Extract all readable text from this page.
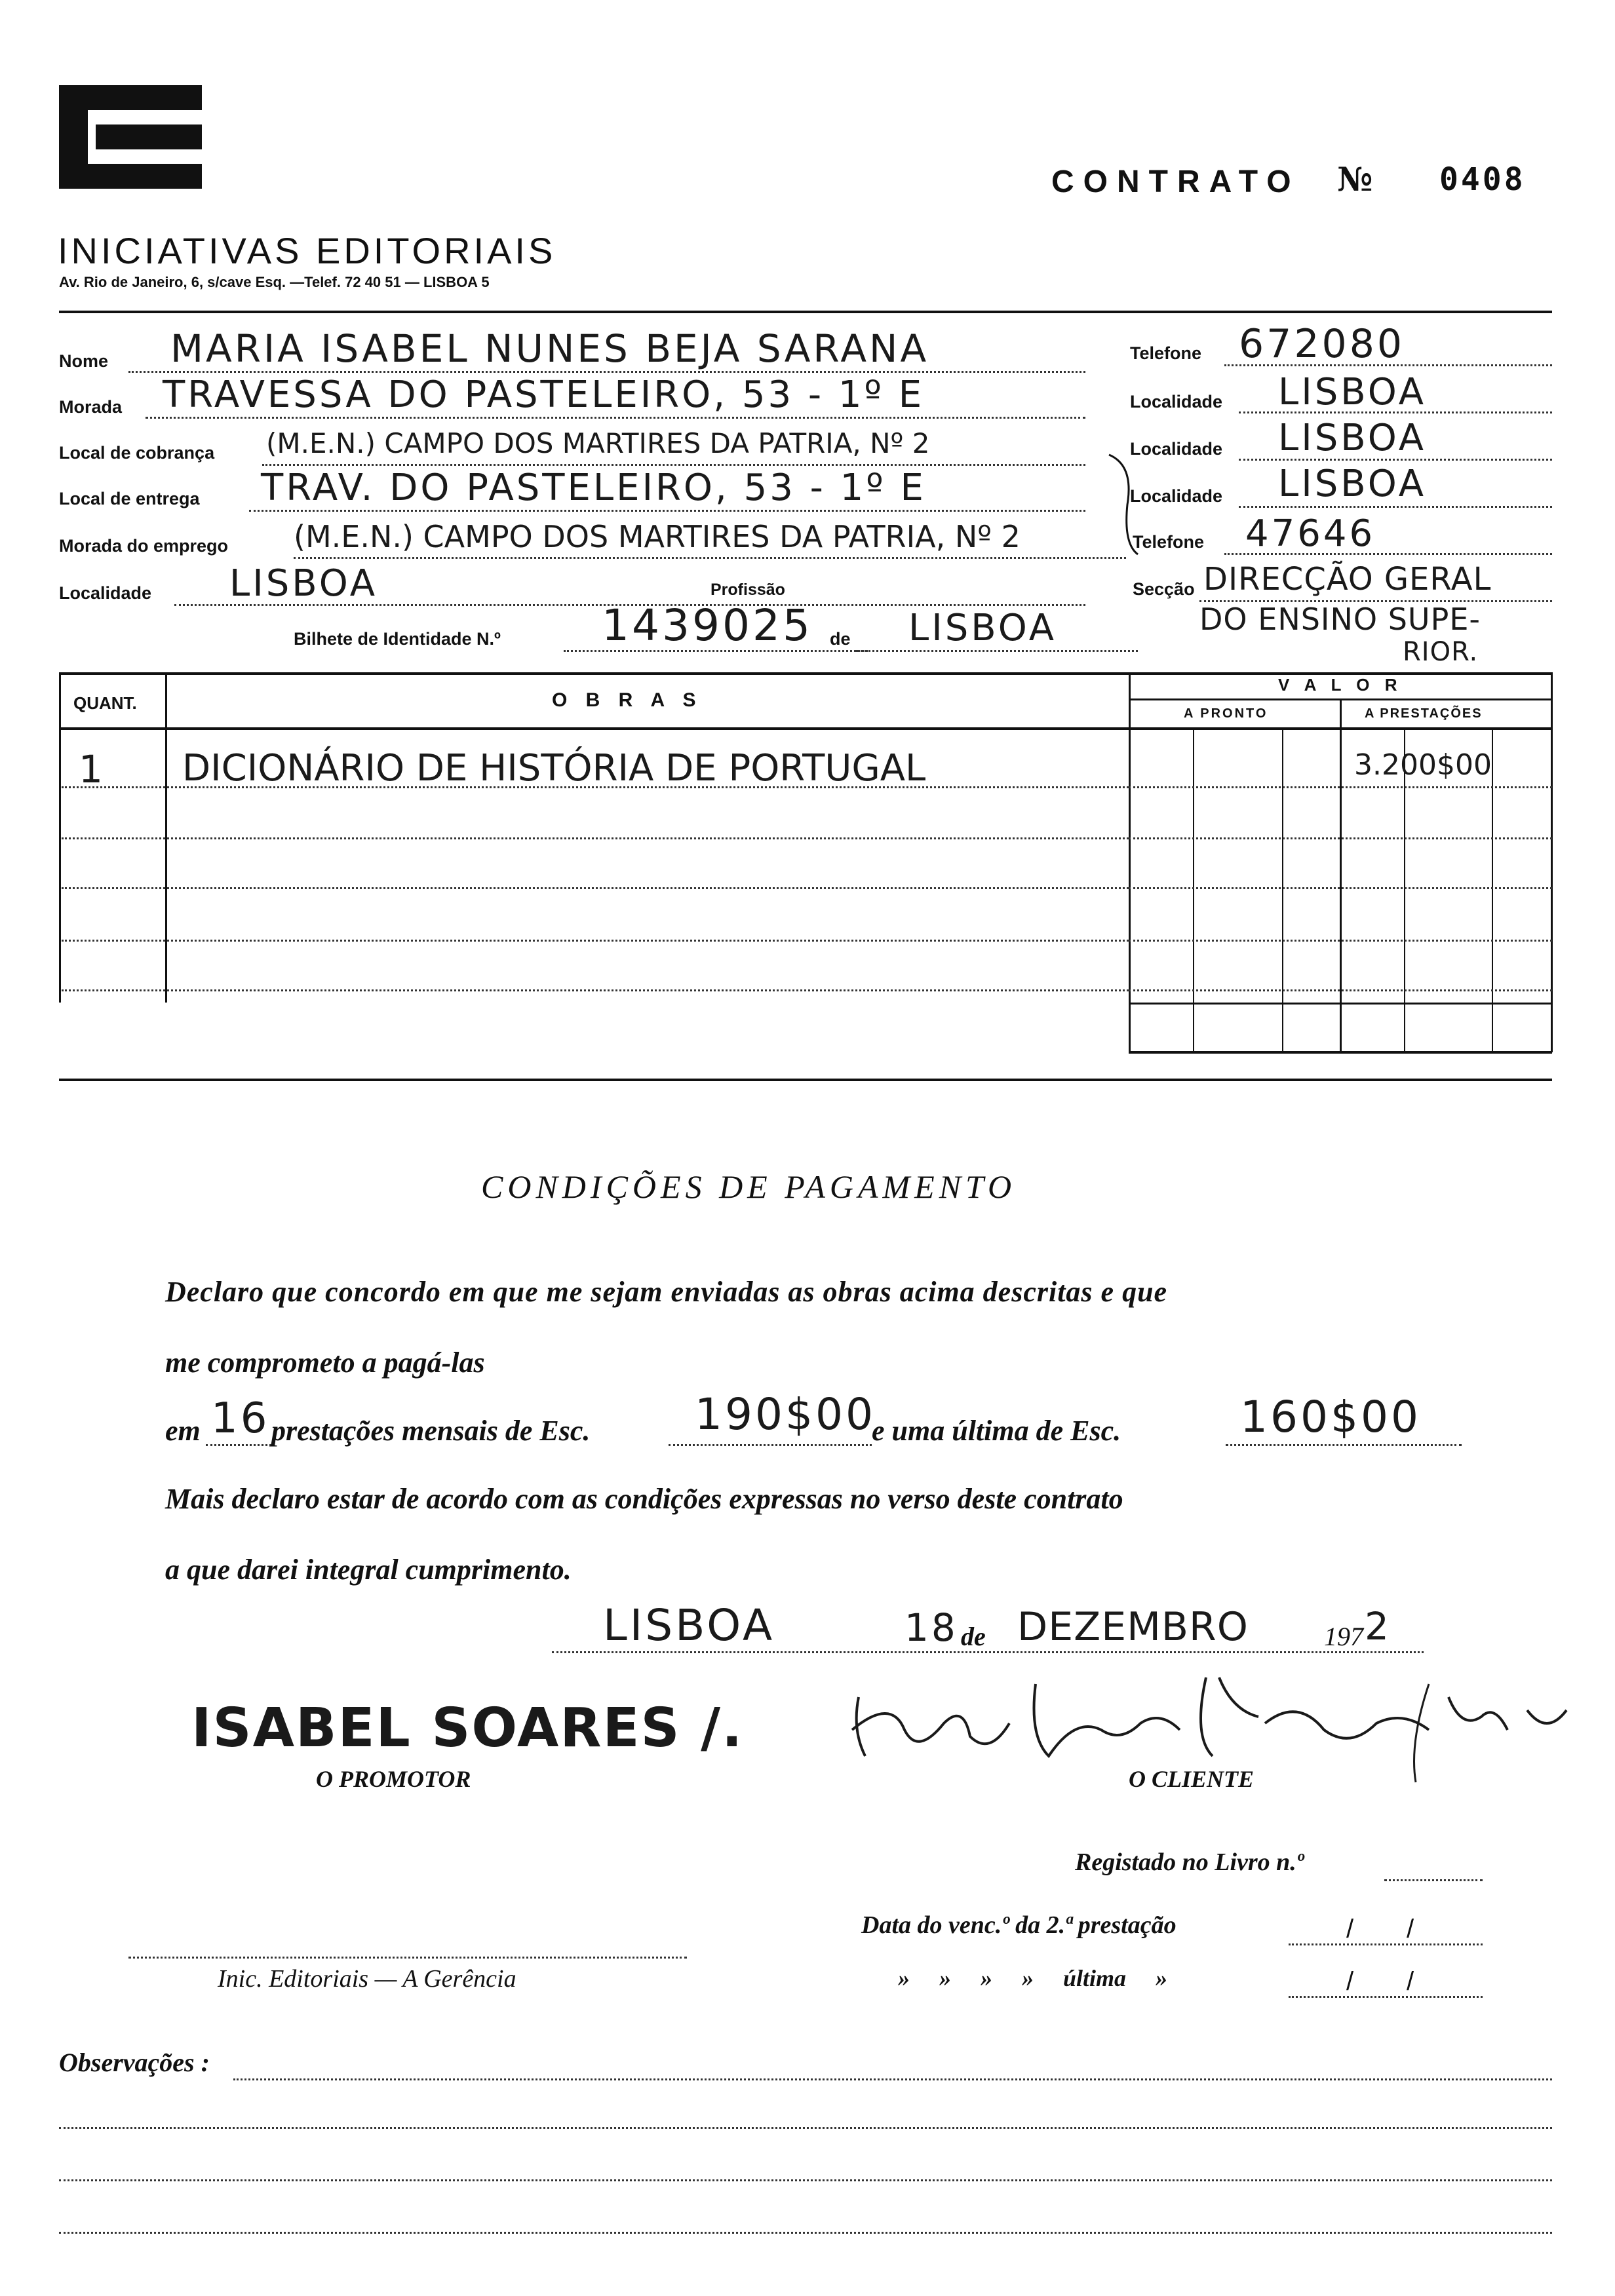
CONTRATO № 0408
INICIATIVAS EDITORIAIS
Av. Rio de Janeiro, 6, s/cave Esq. —Telef. 72 40 51 — LISBOA 5
Nome MARIA ISABEL NUNES BEJA SARANA	Telefone 672080
Morada TRAVESSA DO PASTELEIRO, 53 - 1º E	Localidade LISBOA
Local de cobrança (M.E.N.) CAMPO DOS MARTIRES DA PATRIA, Nº 2	Localidade LISBOA
Local de entrega TRAV. DO PASTELEIRO, 53 - 1º E	Localidade LISBOA
Morada do emprego (M.E.N.) CAMPO DOS MARTIRES DA PATRIA, Nº 2	Telefone 47646
Localidade LISBOA	Profissão	Secção DIRECÇÃO GERAL
DO ENSINO SUPE-
RIOR.
Bilhete de Identidade N.º 1439025 de LISBOA
QUANT.	O B R A S
V A L O R
A PRONTO	A PRESTAÇÕES
1 DICIONÁRIO DE HISTÓRIA DE PORTUGAL	3.200$00
CONDIÇÕES DE PAGAMENTO
Declaro que concordo em que me sejam enviadas as obras acima descritas e que
me comprometo a pagá-las
em 16 prestações mensais de Esc. 190$00
e uma última de Esc.	160$00
Mais declaro estar de acordo com as condições expressas no verso deste contrato
a que darei integral cumprimento.
LISBOA	18 de DEZEMBRO	197 2
ISABEL SOARES /.
O PROMOTOR	O CLIENTE
Registado no Livro n.º
Data do venc.º da 2.ª prestação	/ /
Inic. Editoriais — A Gerência	» » » » última »	/ /
Observações :
